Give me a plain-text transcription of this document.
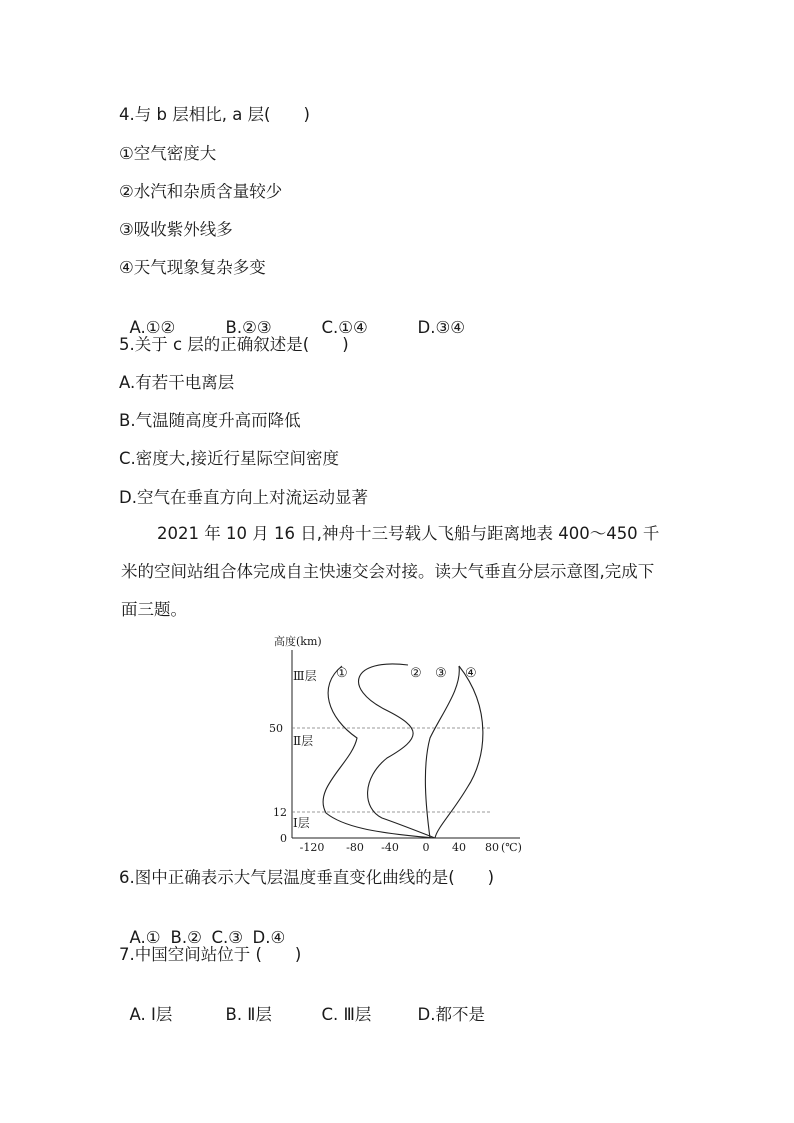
4.与 b 层相比, a 层(　　)
①空气密度大
②水汽和杂质含量较少
③吸收紫外线多
④天气现象复杂多变

A.①②	B.②③	C.①④	D.③④

5.关于 c 层的正确叙述是(　　)
A.有若干电离层
B.气温随高度升高而降低
C.密度大,接近行星际空间密度
D.空气在垂直方向上对流运动显著
2021 年 10 月 16 日,神舟十三号载人飞船与距离地表 400～450 千米的空间站组合体完成自主快速交会对接。读大气垂直分层示意图,完成下面三题。
高度(km)
50
12
0
Ⅲ层
Ⅱ层
Ⅰ层
①	② ③ ④
-120 -80 -40 0 40 80 (℃)
6.图中正确表示大气层温度垂直变化曲线的是(　　)

A.① B.② C.③ D.④

7.中国空间站位于 (　　)

A. Ⅰ层	B. Ⅱ层	C. Ⅲ层	D.都不是
